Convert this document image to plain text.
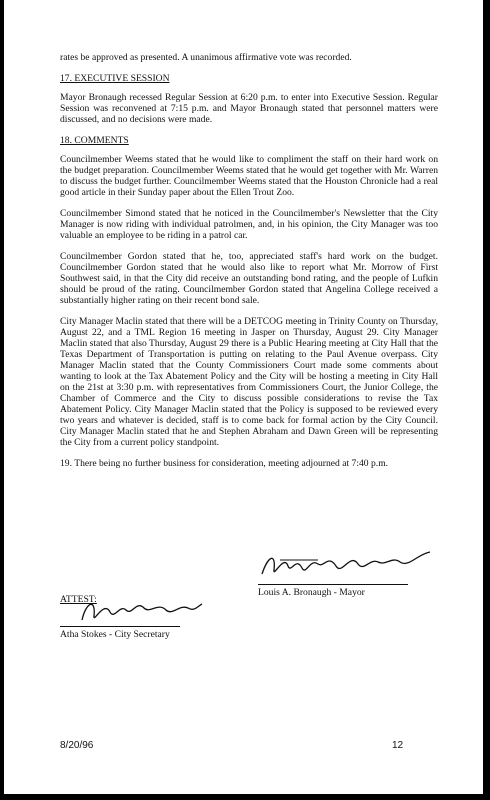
rates be approved as presented. A unanimous affirmative vote was recorded.

17. EXECUTIVE SESSION

Mayor Bronaugh recessed Regular Session at 6:20 p.m. to enter into Executive Session. Regular Session was reconvened at 7:15 p.m. and Mayor Bronaugh stated that personnel matters were discussed, and no decisions were made.

18. COMMENTS

Councilmember Weems stated that he would like to compliment the staff on their hard work on the budget preparation. Councilmember Weems stated that he would get together with Mr. Warren to discuss the budget further. Councilmember Weems stated that the Houston Chronicle had a real good article in their Sunday paper about the Ellen Trout Zoo.

Councilmember Simond stated that he noticed in the Councilmember's Newsletter that the City Manager is now riding with individual patrolmen, and, in his opinion, the City Manager was too valuable an employee to be riding in a patrol car.

Councilmember Gordon stated that he, too, appreciated staff's hard work on the budget. Councilmember Gordon stated that he would also like to report what Mr. Morrow of First Southwest said, in that the City did receive an outstanding bond rating, and the people of Lufkin should be proud of the rating. Councilmember Gordon stated that Angelina College received a substantially higher rating on their recent bond sale.

City Manager Maclin stated that there will be a DETCOG meeting in Trinity County on Thursday, August 22, and a TML Region 16 meeting in Jasper on Thursday, August 29. City Manager Maclin stated that also Thursday, August 29 there is a Public Hearing meeting at City Hall that the Texas Department of Transportation is putting on relating to the Paul Avenue overpass. City Manager Maclin stated that the County Commissioners Court made some comments about wanting to look at the Tax Abatement Policy and the City will be hosting a meeting in City Hall on the 21st at 3:30 p.m. with representatives from Commissioners Court, the Junior College, the Chamber of Commerce and the City to discuss possible considerations to revise the Tax Abatement Policy. City Manager Maclin stated that the Policy is supposed to be reviewed every two years and whatever is decided, staff is to come back for formal action by the City Council. City Manager Maclin stated that he and Stephen Abraham and Dawn Green will be representing the City from a current policy standpoint.

19. There being no further business for consideration, meeting adjourned at 7:40 p.m.

Louis A. Bronaugh - Mayor
ATTEST:
Atha Stokes - City Secretary
8/20/96	12
